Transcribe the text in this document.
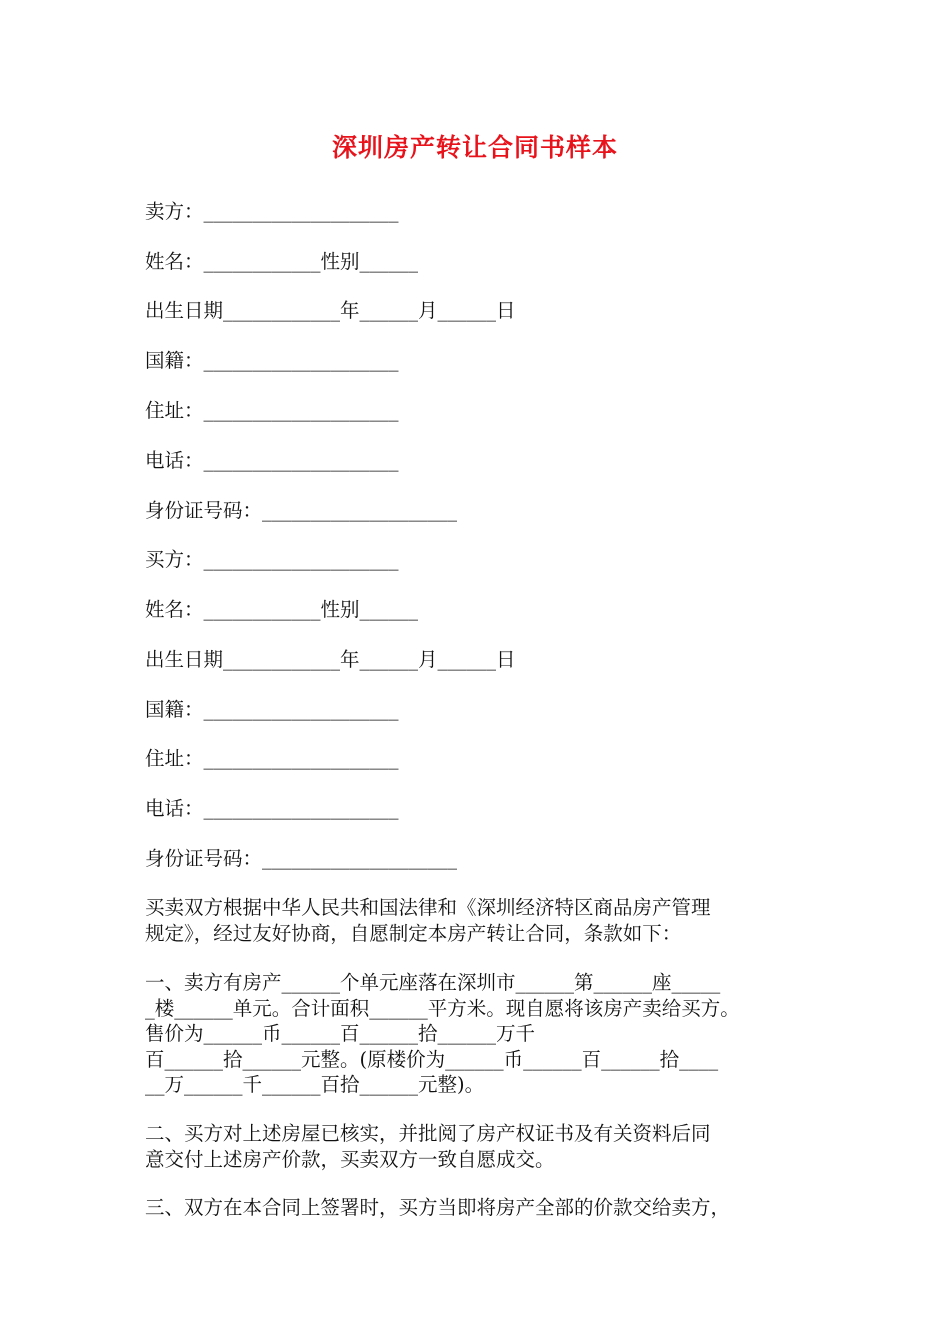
深圳房产转让合同书样本
卖方：____________________
姓名：____________性别______
出生日期____________年______月______日
国籍：____________________
住址：____________________
电话：____________________
身份证号码：____________________
买方：____________________
姓名：____________性别______
出生日期____________年______月______日
国籍：____________________
住址：____________________
电话：____________________
身份证号码：____________________
买卖双方根据中华人民共和国法律和《深圳经济特区商品房产管理
规定》，经过友好协商，自愿制定本房产转让合同，条款如下：
一、卖方有房产______个单元座落在深圳市______第______座_____
_楼______单元。合计面积______平方米。现自愿将该房产卖给买方。
售价为______币______百______拾______万千
百______拾______元整。(原楼价为______币______百______拾____
__万______千______百拾______元整)。
二、买方对上述房屋已核实，并批阅了房产权证书及有关资料后同
意交付上述房产价款，买卖双方一致自愿成交。
三、双方在本合同上签署时，买方当即将房产全部的价款交给卖方，
